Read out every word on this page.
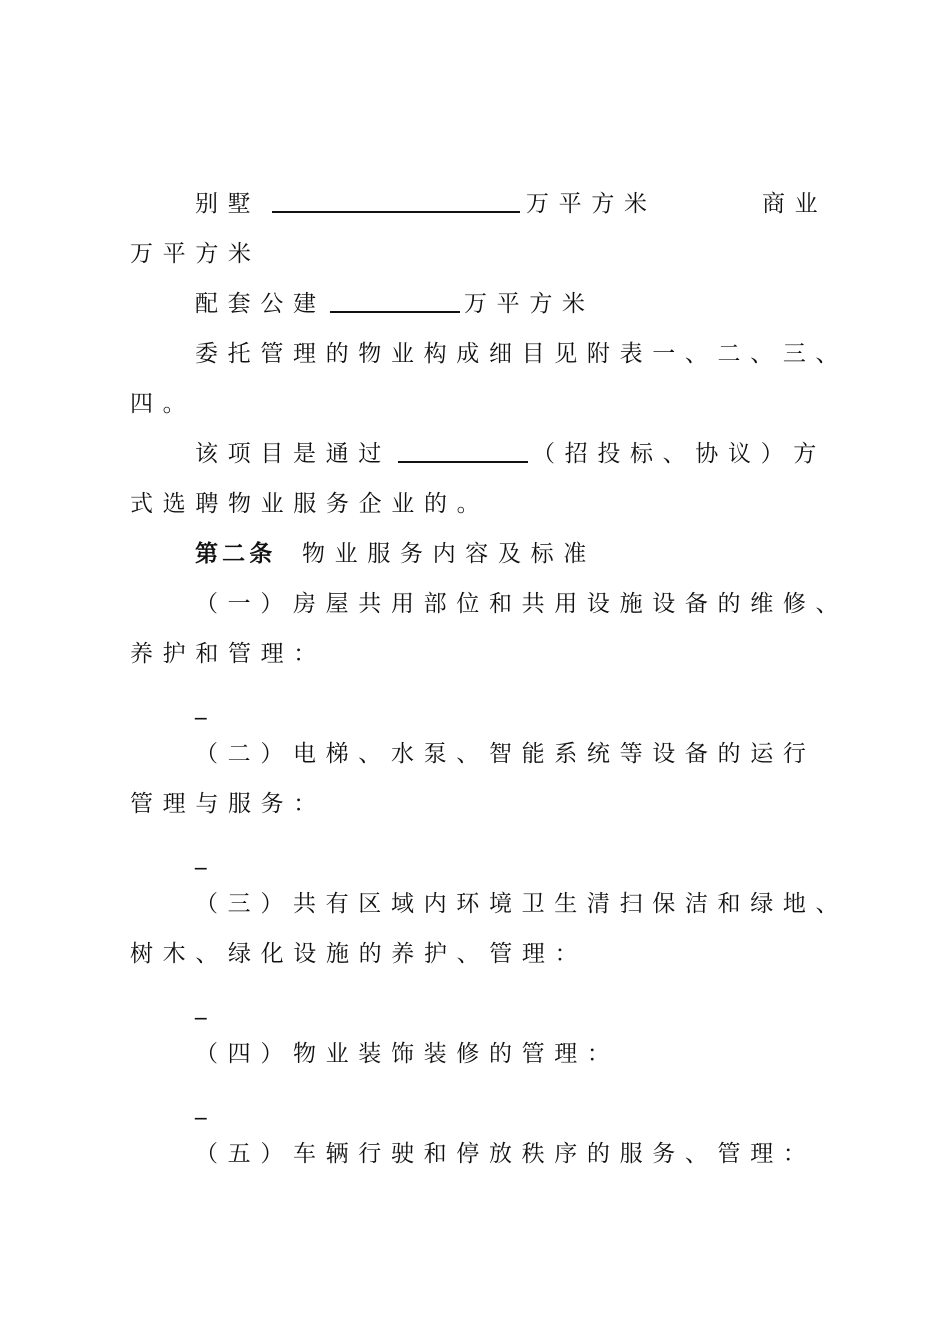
别墅	万平方米	商业
万平方米
配套公建	万平方米
委托管理的物业构成细目见附表一、二、三、
四。
该项目是通过	（招投标、协议）方
式选聘物业服务企业的。
第二条 物业服务内容及标准
（一）房屋共用部位和共用设施设备的维修、
养护和管理：
_
（二）电梯、水泵、智能系统等设备的运行
管理与服务：
_
（三）共有区域内环境卫生清扫保洁和绿地、
树木、绿化设施的养护、管理：
_
（四）物业装饰装修的管理：
_
（五）车辆行驶和停放秩序的服务、管理：
